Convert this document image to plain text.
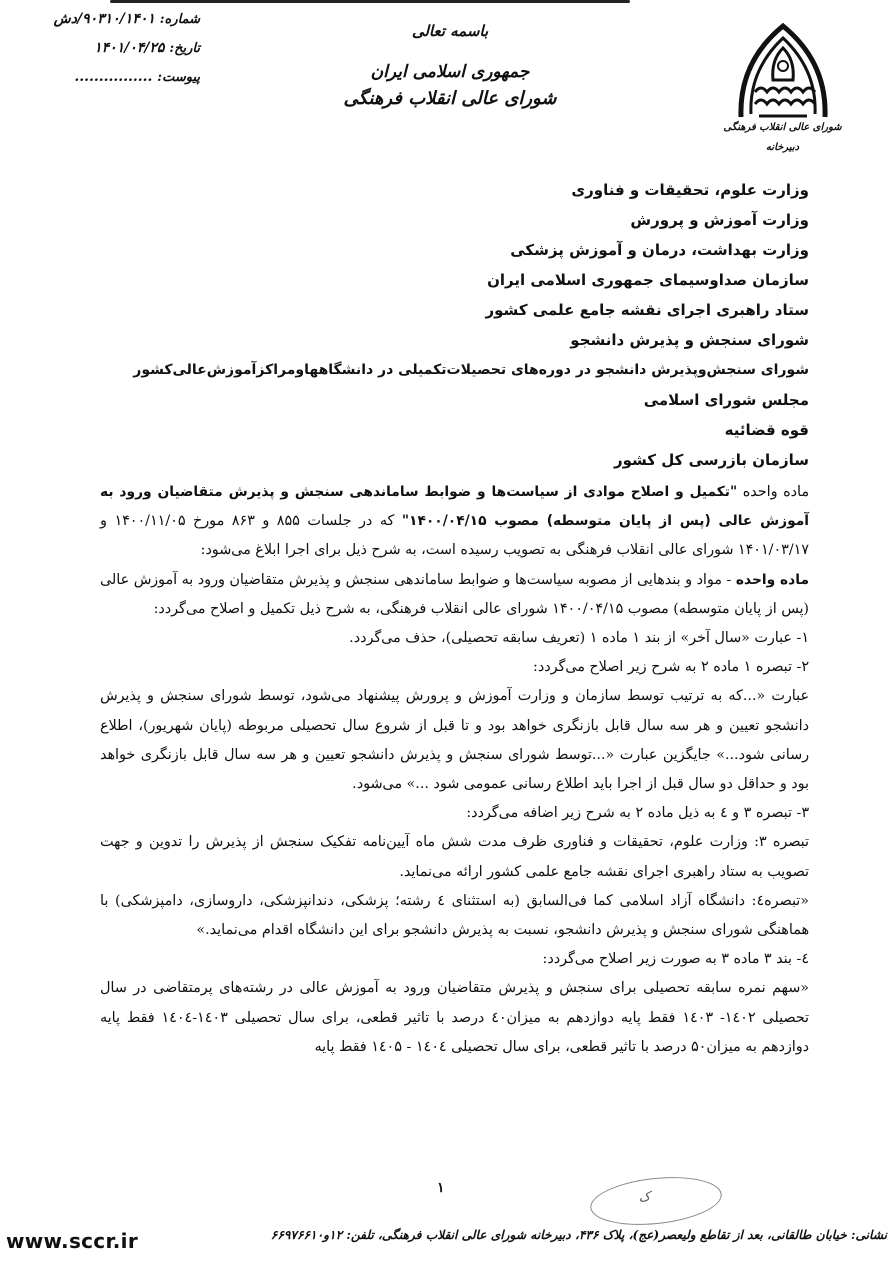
شماره: ۹۰۳۱۰/۱۴۰۱/دش
تاریخ: ۱۴۰۱/۰۴/۲۵
پیوست: ................
باسمه تعالی
جمهوری اسلامی ایران
شورای عالی انقلاب فرهنگی
شورای عالی انقلاب فرهنگی
دبیرخانه
وزارت علوم، تحقیقات و فناوری
وزارت آموزش و پرورش
وزارت بهداشت، درمان و آموزش پزشکی
سازمان صداوسیمای جمهوری اسلامی ایران
ستاد راهبری اجرای نقشه جامع علمی کشور
شورای سنجش و پذیرش دانشجو
شورای سنجش‌وپذیرش دانشجو در دوره‌های تحصیلات‌تکمیلی در دانشگاهها‌ومراکز‌آموزش‌عالی‌کشور
مجلس شورای اسلامی
قوه قضائیه
سازمان بازرسی کل کشور

ماده واحده "تکمیل و اصلاح موادی از سیاست‌ها و ضوابط ساماندهی سنجش و پذیرش متقاضیان ورود به آموزش عالی (پس از پایان متوسطه) مصوب ۱۴۰۰/۰۴/۱۵" که در جلسات ۸۵۵ و ۸۶۳ مورخ ۱۴۰۰/۱۱/۰۵ و ۱۴۰۱/۰۳/۱۷ شورای عالی انقلاب فرهنگی به تصویب رسیده است، به شرح ذیل برای اجرا ابلاغ می‌شود:

ماده واحده - مواد و بندهایی از مصوبه سیاست‌ها و ضوابط ساماندهی سنجش و پذیرش متقاضیان ورود به آموزش عالی (پس از پایان متوسطه) مصوب ۱۴۰۰/۰۴/۱۵ شورای عالی انقلاب فرهنگی، به شرح ذیل تکمیل و اصلاح می‌گردد:

۱- عبارت «سال آخر» از بند ۱ ماده ۱ (تعریف سابقه تحصیلی)، حذف می‌گردد.

۲- تبصره ۱ ماده ۲ به شرح زیر اصلاح می‌گردد:

عبارت «...که به ترتیب توسط سازمان و وزارت آموزش و پرورش پیشنهاد می‌شود، توسط شورای سنجش و پذیرش دانشجو تعیین و هر سه سال قابل بازنگری خواهد بود و تا قبل از شروع سال تحصیلی مربوطه (پایان شهریور)، اطلاع رسانی شود...» جایگزین عبارت «...توسط شورای سنجش و پذیرش دانشجو تعیین و هر سه سال قابل بازنگری خواهد بود و حداقل دو سال قبل از اجرا باید اطلاع رسانی عمومی شود ...» می‌شود.

۳- تبصره ۳ و ٤ به ذیل ماده ۲ به شرح زیر اضافه می‌گردد:

تبصره ۳: وزارت علوم، تحقیقات و فناوری ظرف مدت شش ماه آیین‌نامه تفکیک سنجش از پذیرش را تدوین و جهت تصویب به ستاد راهبری اجرای نقشه جامع علمی کشور ارائه می‌نماید.

«تبصره٤: دانشگاه آزاد اسلامی کما فی‌السابق (به استثنای ٤ رشته؛ پزشکی، دندانپزشکی، داروسازی، دامپزشکی) با هماهنگی شورای سنجش و پذیرش دانشجو، نسبت به پذیرش دانشجو برای این دانشگاه اقدام می‌نماید.»

٤- بند ۳ ماده ۳ به صورت زیر اصلاح می‌گردد:

«سهم نمره سابقه تحصیلی برای سنجش و پذیرش متقاضیان ورود به آموزش عالی در رشته‌های پرمتقاضی در سال تحصیلی ۱٤۰۲- ۱٤۰۳ فقط پایه دوازدهم به میزان٤۰ درصد با تاثیر قطعی، برای سال تحصیلی ۱٤۰۳-۱٤۰٤ فقط پایه دوازدهم به میزان۵۰ درصد با تاثیر قطعی، برای سال تحصیلی ۱٤۰٤ - ۱٤۰۵ فقط پایه

۱
ک
نشانی: خیابان طالقانی، بعد از تقاطع ولیعصر(عج)، پلاک ۴۳۶، دبیرخانه شورای عالی انقلاب فرهنگی، تلفن: ۱۲و۶۶۹۷۶۶۱۰
www.sccr.ir
